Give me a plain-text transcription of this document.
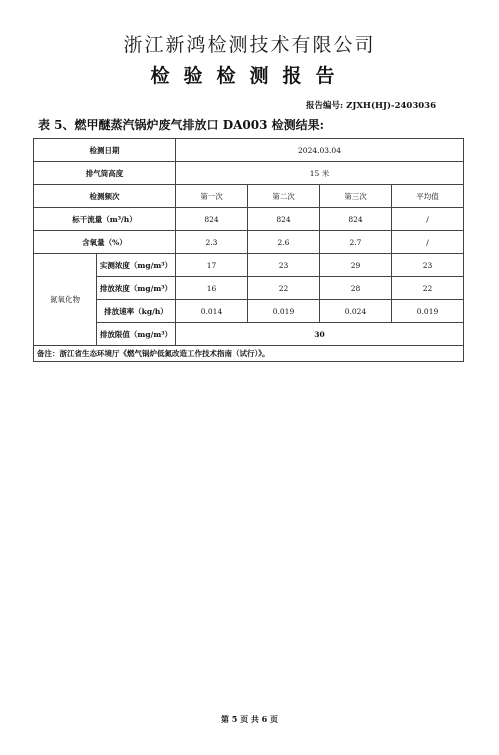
浙江新鸿检测技术有限公司
检验检测报告
报告编号: ZJXH(HJ)-2403036
表 5、燃甲醚蒸汽锅炉废气排放口 DA003 检测结果:
检测日期		2024.03.04			
排气筒高度		15 米			
检测频次		第一次	第二次	第三次	平均值
标干流量（m³/h）		824	824	824	/
含氧量（%）		2.3	2.6	2.7	/
氮氧化物	实测浓度（mg/m³）	17	23	29	23
	排放浓度（mg/m³）	16	22	28	22
	排放速率（kg/h）	0.014	0.019	0.024	0.019
	排放限值（mg/m³）	30			
备注：浙江省生态环境厅《燃气锅炉低氮改造工作技术指南（试行）》。					
第 5 页 共 6 页
